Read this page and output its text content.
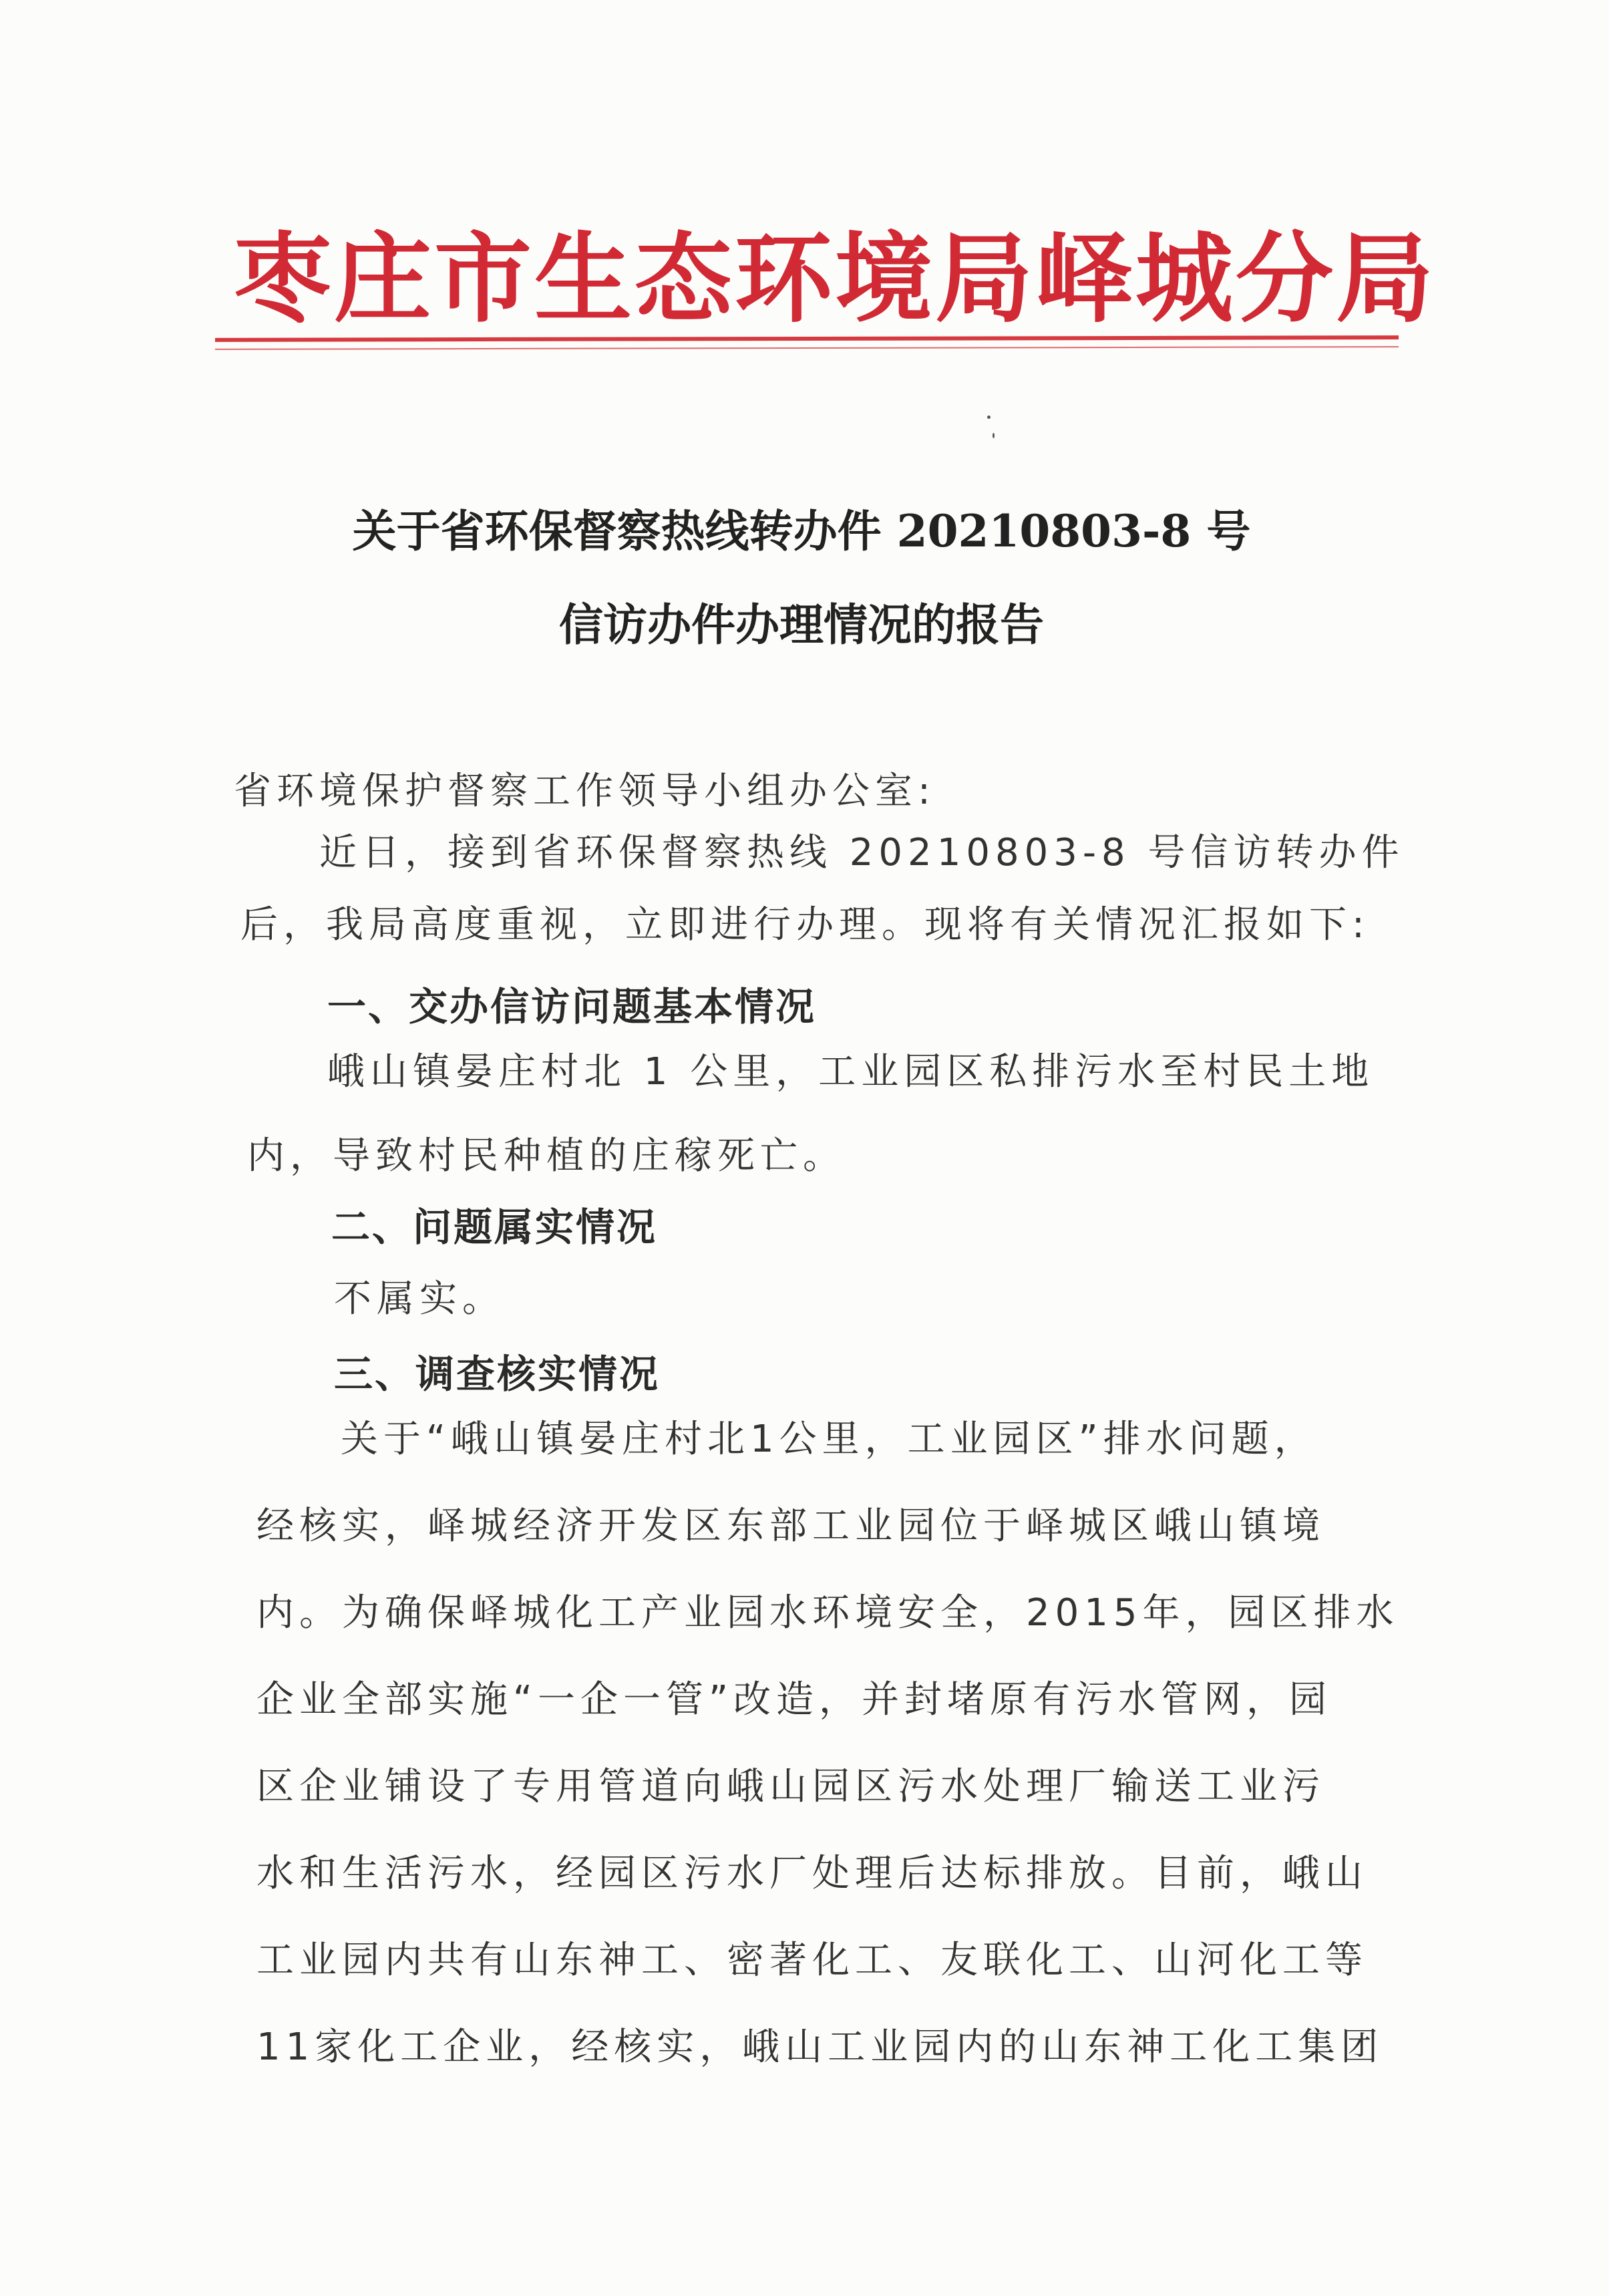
枣庄市生态环境局峄城分局
关于省环保督察热线转办件 20210803-8 号
信访办件办理情况的报告
省环境保护督察工作领导小组办公室:
近日，接到省环保督察热线 20210803-8 号信访转办件
后，我局高度重视，立即进行办理。现将有关情况汇报如下:
一、交办信访问题基本情况
峨山镇晏庄村北 1 公里，工业园区私排污水至村民土地
内，导致村民种植的庄稼死亡。
二、问题属实情况
不属实。
三、调查核实情况
关于“峨山镇晏庄村北1公里，工业园区”排水问题，
经核实，峄城经济开发区东部工业园位于峄城区峨山镇境
内。为确保峄城化工产业园水环境安全，2015年，园区排水
企业全部实施“一企一管”改造，并封堵原有污水管网，园
区企业铺设了专用管道向峨山园区污水处理厂输送工业污
水和生活污水，经园区污水厂处理后达标排放。目前，峨山
工业园内共有山东神工、密著化工、友联化工、山河化工等
11家化工企业，经核实，峨山工业园内的山东神工化工集团
